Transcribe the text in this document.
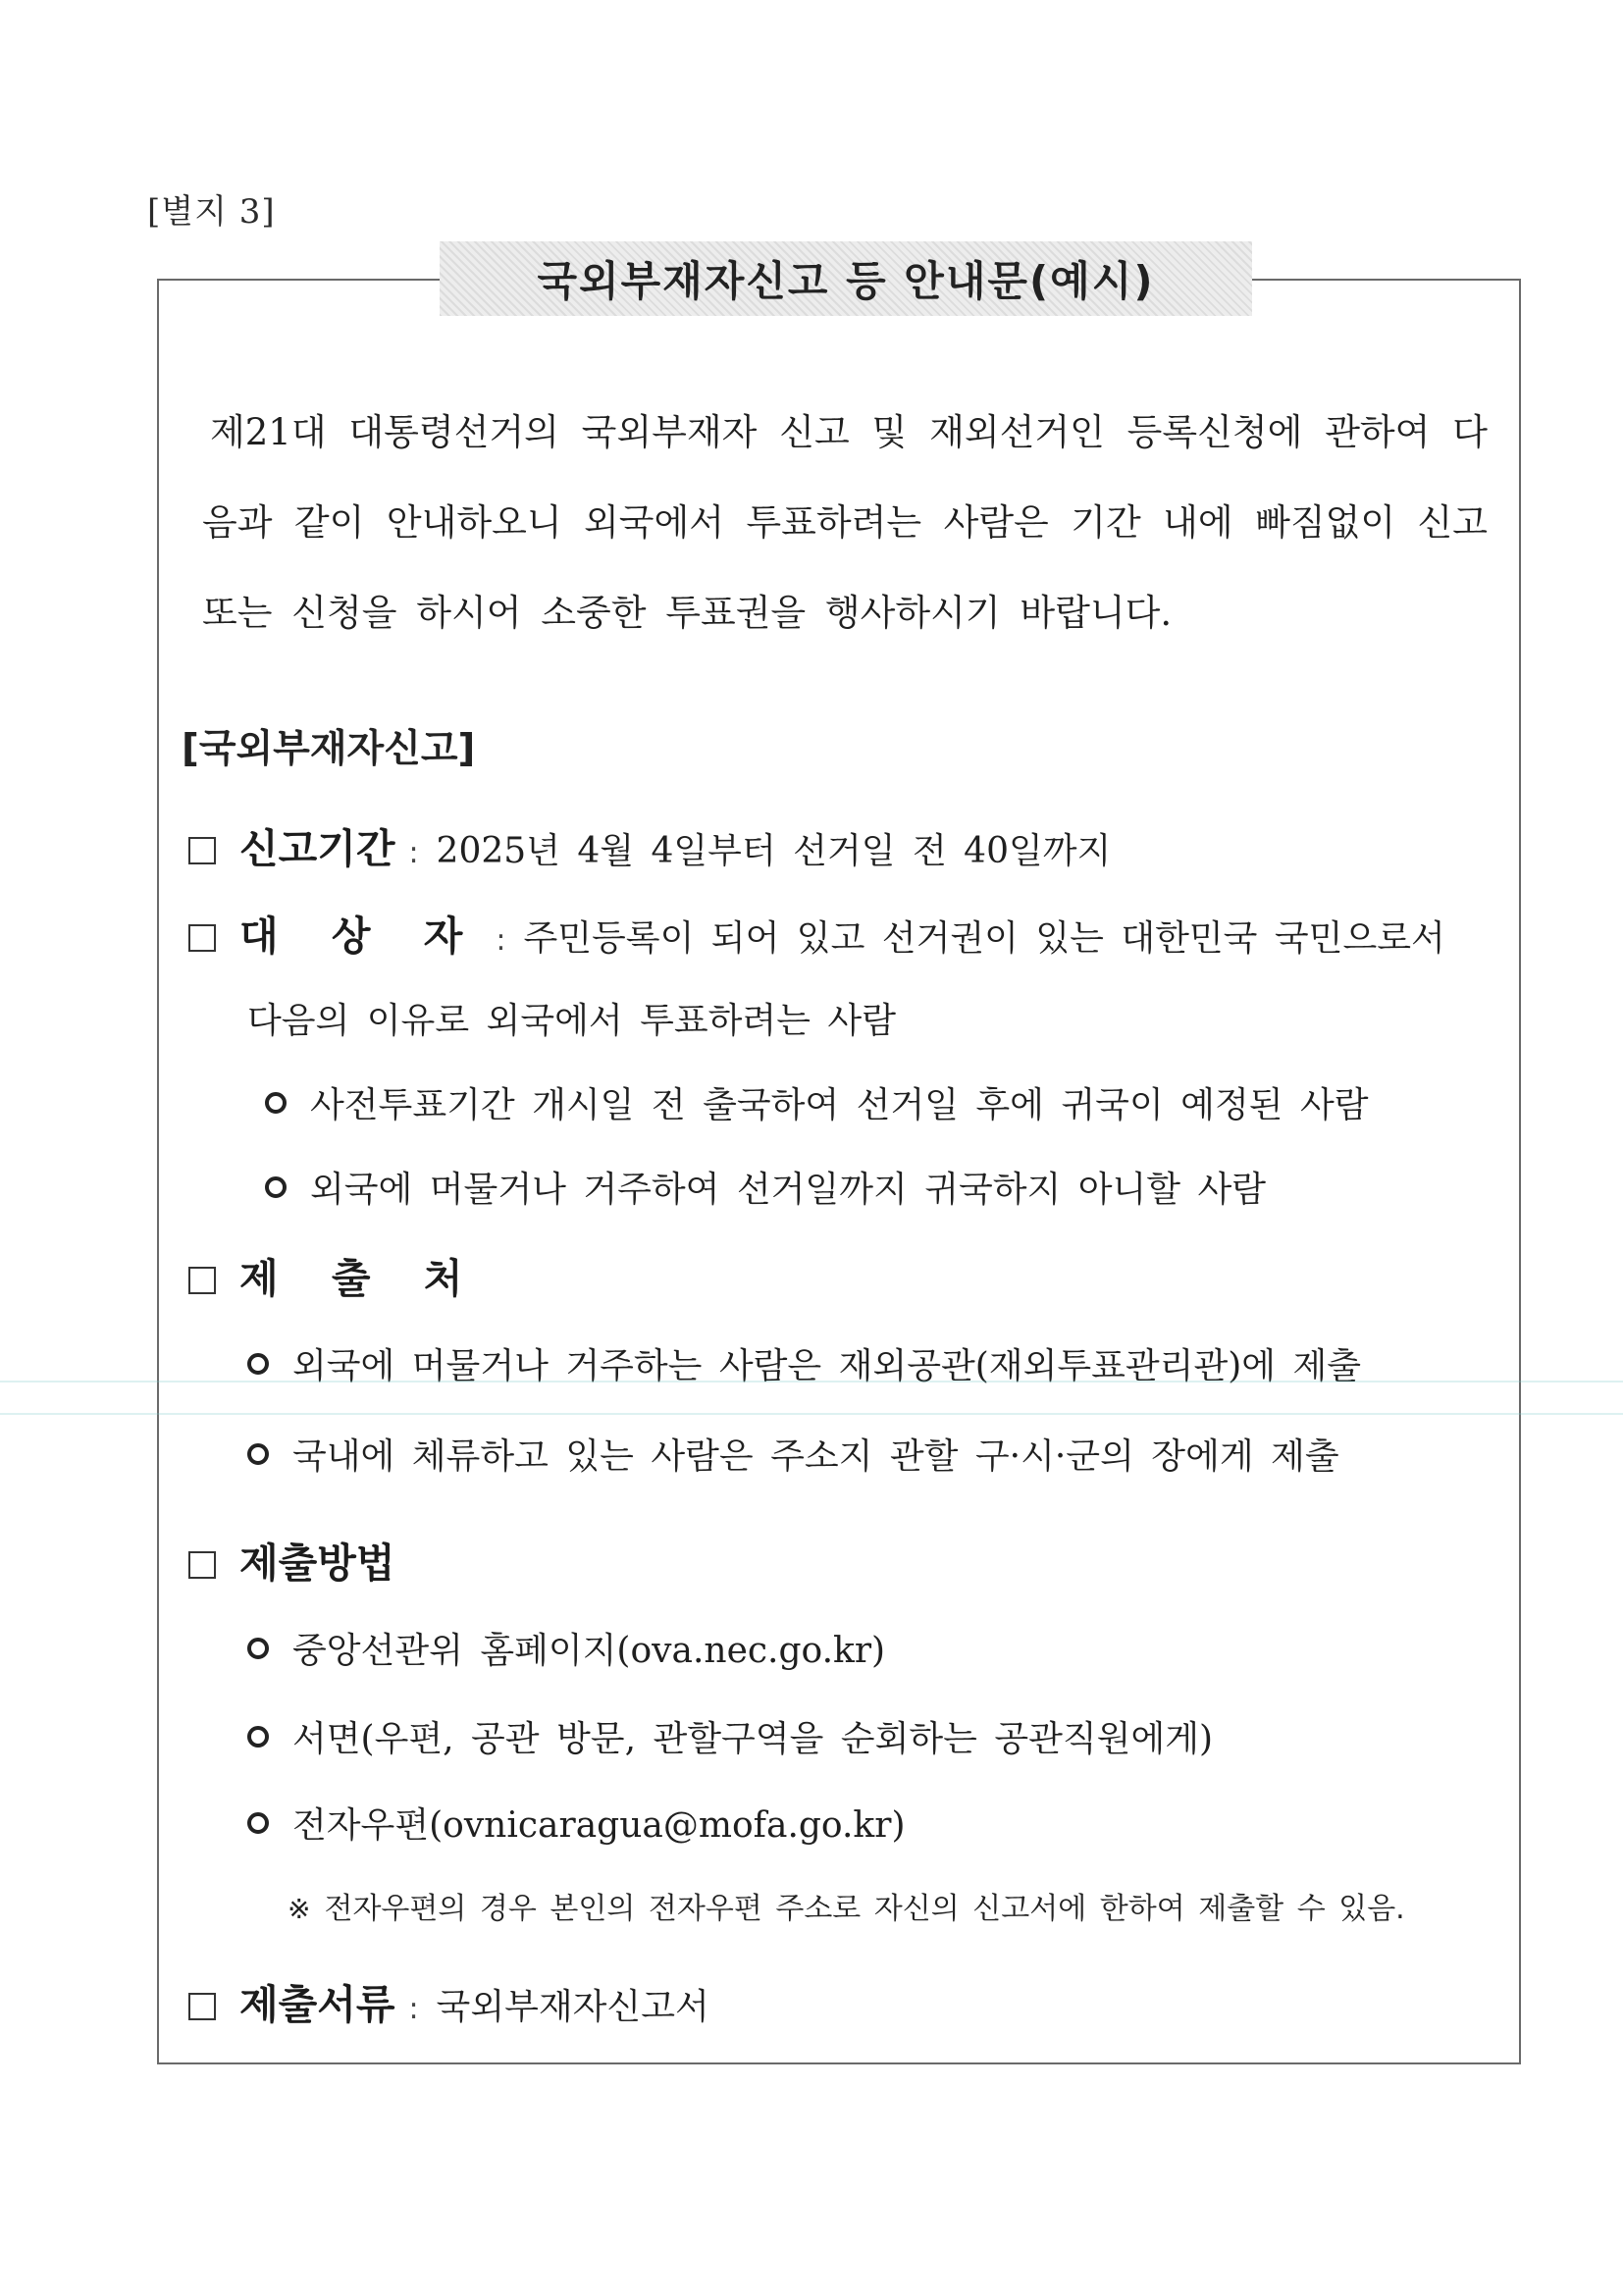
[별지 3]
국외부재자신고 등 안내문(예시)

제21대 대통령선거의 국외부재자 신고 및 재외선거인 등록신청에 관하여 다음과 같이 안내하오니 외국에서 투표하려는 사람은 기간 내에 빠짐없이 신고 또는 신청을 하시어 소중한 투표권을 행사하시기 바랍니다.

[국외부재자신고]
신고기간 : 2025년 4월 4일부터 선거일 전 40일까지
대 상 자 : 주민등록이 되어 있고 선거권이 있는 대한민국 국민으로서
다음의 이유로 외국에서 투표하려는 사람
사전투표기간 개시일 전 출국하여 선거일 후에 귀국이 예정된 사람
외국에 머물거나 거주하여 선거일까지 귀국하지 아니할 사람
제 출 처
외국에 머물거나 거주하는 사람은 재외공관(재외투표관리관)에 제출
국내에 체류하고 있는 사람은 주소지 관할 구·시·군의 장에게 제출
제출방법
중앙선관위 홈페이지(ova.nec.go.kr)
서면(우편, 공관 방문, 관할구역을 순회하는 공관직원에게)
전자우편(ovnicaragua@mofa.go.kr)
※ 전자우편의 경우 본인의 전자우편 주소로 자신의 신고서에 한하여 제출할 수 있음.
제출서류 : 국외부재자신고서
